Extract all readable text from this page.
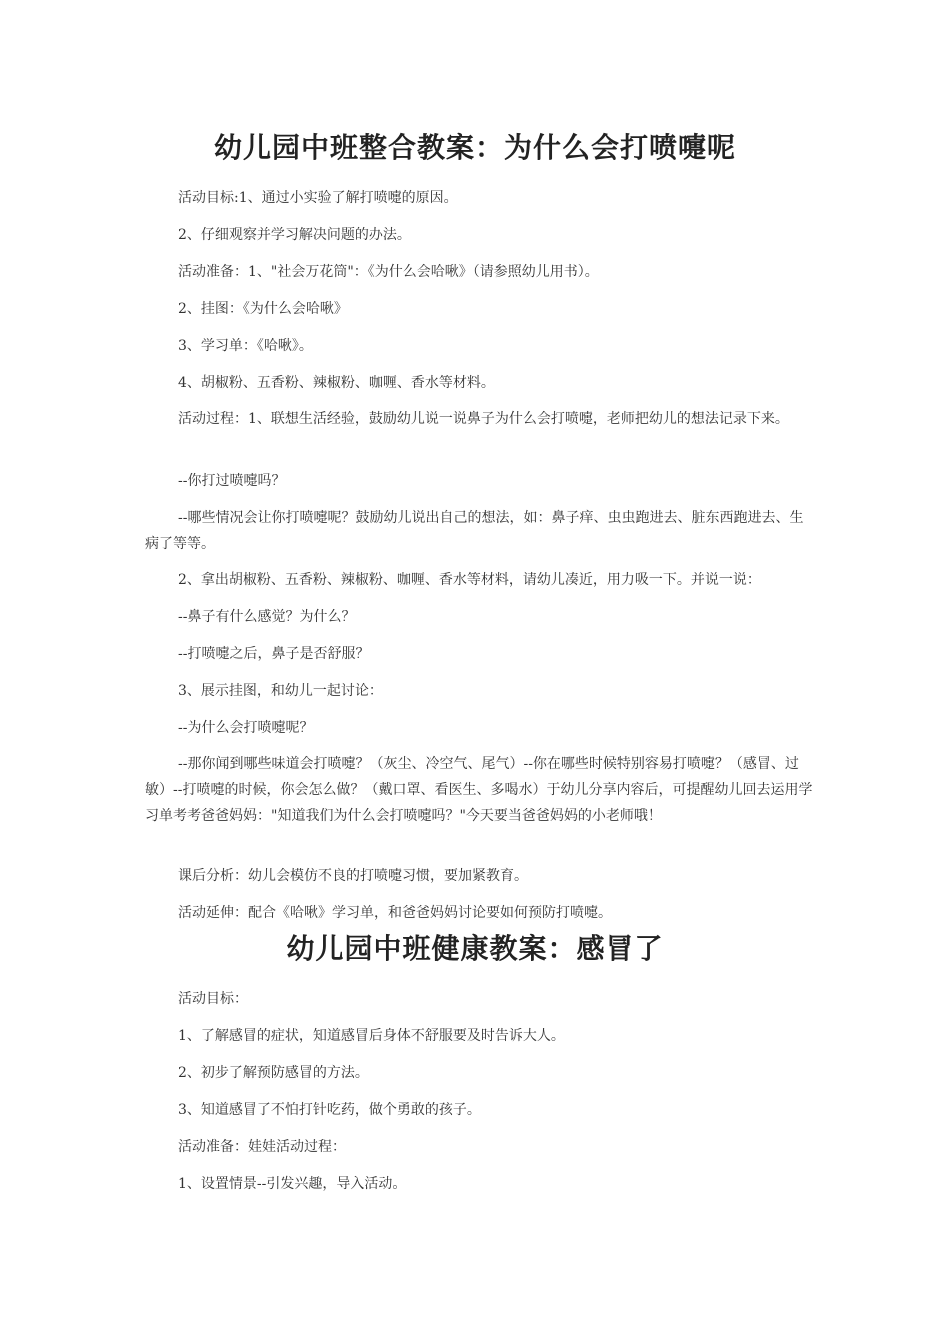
幼儿园中班整合教案：为什么会打喷嚏呢
活动目标:1、通过小实验了解打喷嚏的原因。
2、仔细观察并学习解决问题的办法。
活动准备：1、"社会万花筒"：《为什么会哈啾》（请参照幼儿用书）。
2、挂图：《为什么会哈啾》
3、学习单：《哈啾》。
4、胡椒粉、五香粉、辣椒粉、咖喱、香水等材料。
活动过程：1、联想生活经验，鼓励幼儿说一说鼻子为什么会打喷嚏，老师把幼儿的想法记录下来。
--你打过喷嚏吗？
--哪些情况会让你打喷嚏呢？鼓励幼儿说出自己的想法，如：鼻子痒、虫虫跑进去、脏东西跑进去、生病了等等。
2、拿出胡椒粉、五香粉、辣椒粉、咖喱、香水等材料，请幼儿凑近，用力吸一下。并说一说：
--鼻子有什么感觉？为什么？
--打喷嚏之后，鼻子是否舒服？
3、展示挂图，和幼儿一起讨论：
--为什么会打喷嚏呢？
--那你闻到哪些味道会打喷嚏？（灰尘、冷空气、尾气）--你在哪些时候特别容易打喷嚏？（感冒、过敏）--打喷嚏的时候，你会怎么做？（戴口罩、看医生、多喝水）于幼儿分享内容后，可提醒幼儿回去运用学习单考考爸爸妈妈："知道我们为什么会打喷嚏吗？"今天要当爸爸妈妈的小老师哦！
课后分析：幼儿会模仿不良的打喷嚏习惯，要加紧教育。
活动延伸：配合《哈啾》学习单，和爸爸妈妈讨论要如何预防打喷嚏。
幼儿园中班健康教案：感冒了
活动目标：
1、了解感冒的症状，知道感冒后身体不舒服要及时告诉大人。
2、初步了解预防感冒的方法。
3、知道感冒了不怕打针吃药，做个勇敢的孩子。
活动准备：娃娃活动过程：
1、设置情景--引发兴趣，导入活动。
